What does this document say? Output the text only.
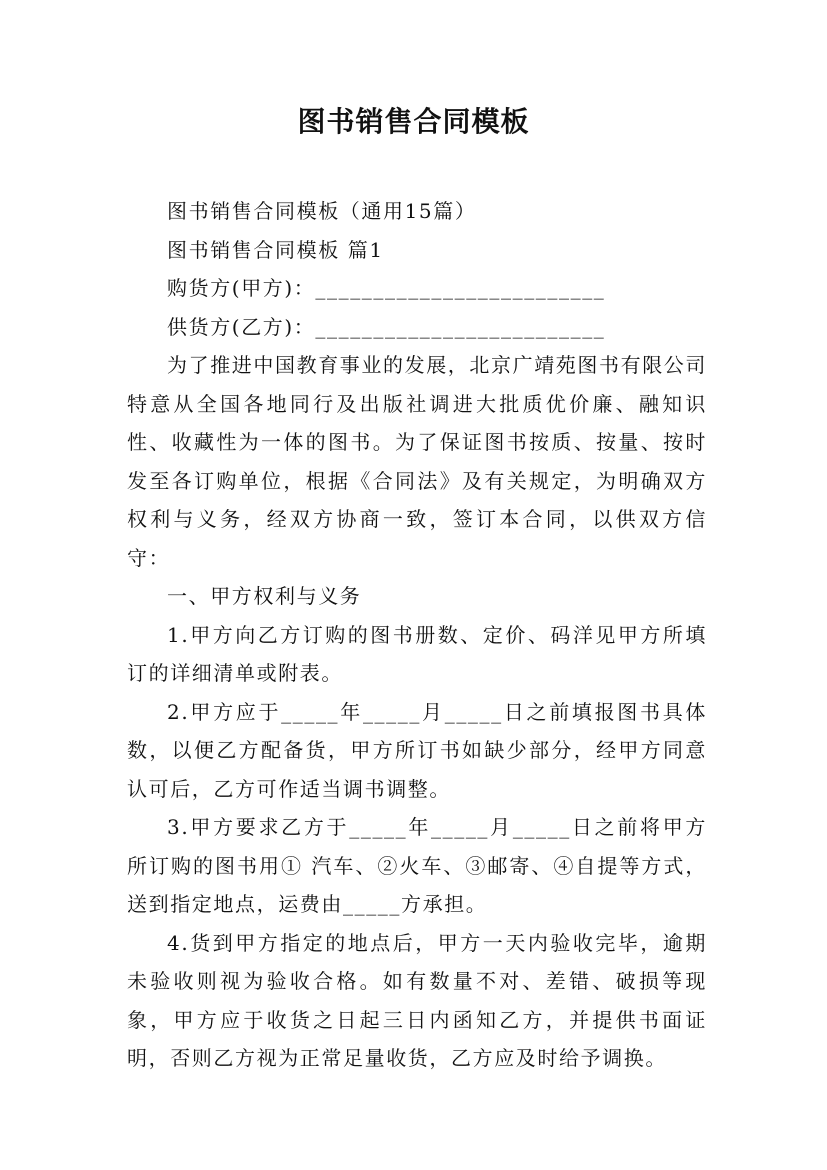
图书销售合同模板

图书销售合同模板（通用15篇）

图书销售合同模板 篇1

购货方(甲方)：_________________________

供货方(乙方)：_________________________

为了推进中国教育事业的发展，北京广靖苑图书有限公司特意从全国各地同行及出版社调进大批质优价廉、融知识性、收藏性为一体的图书。为了保证图书按质、按量、按时发至各订购单位，根据《合同法》及有关规定，为明确双方权利与义务，经双方协商一致，签订本合同，以供双方信守：

一、甲方权利与义务

1.甲方向乙方订购的图书册数、定价、码洋见甲方所填订的详细清单或附表。

2.甲方应于_____年_____月_____日之前填报图书具体数，以便乙方配备货，甲方所订书如缺少部分，经甲方同意认可后，乙方可作适当调书调整。

3.甲方要求乙方于_____年_____月_____日之前将甲方所订购的图书用① 汽车、②火车、③邮寄、④自提等方式，送到指定地点，运费由_____方承担。

4.货到甲方指定的地点后，甲方一天内验收完毕，逾期未验收则视为验收合格。如有数量不对、差错、破损等现象，甲方应于收货之日起三日内函知乙方，并提供书面证明，否则乙方视为正常足量收货，乙方应及时给予调换。
